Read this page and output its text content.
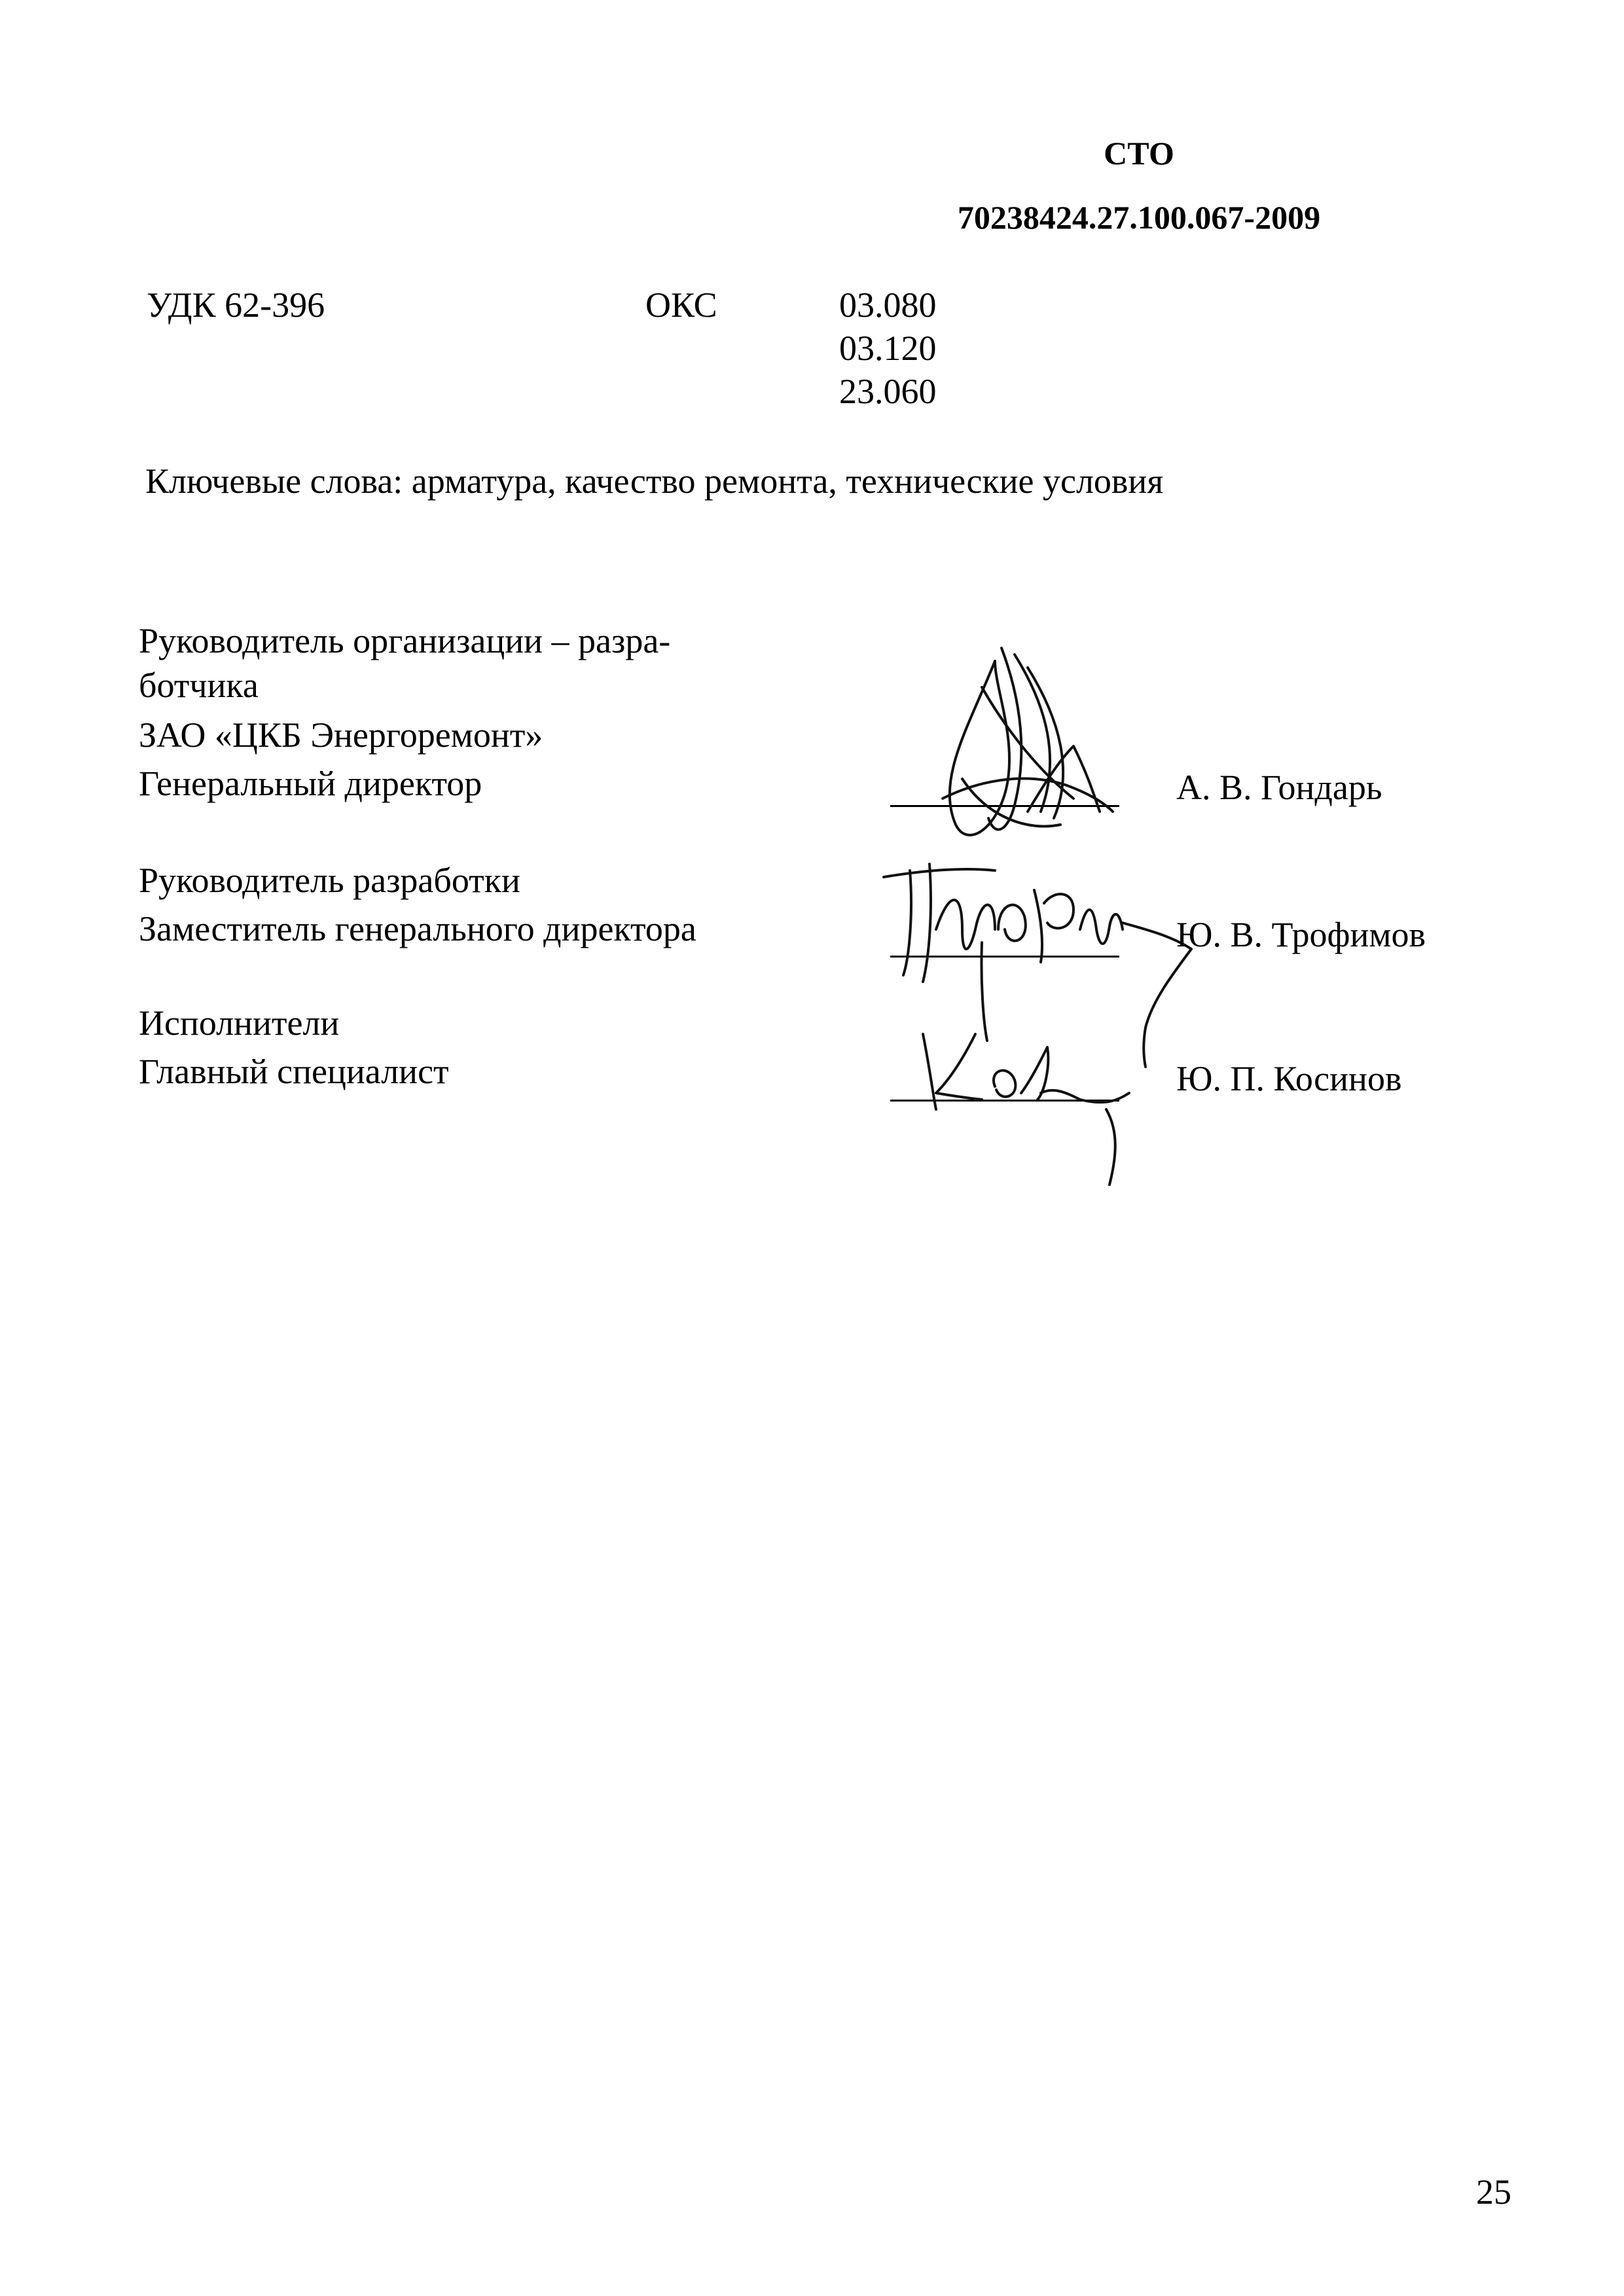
СТО
70238424.27.100.067-2009
УДК 62-396	ОКС	03.080
03.120
23.060
Ключевые слова: арматура, качество ремонта, технические условия
Руководитель организации – разра-
ботчика
ЗАО «ЦКБ Энергоремонт»
Генеральный директор	А. В. Гондарь
Руководитель разработки
Заместитель генерального директора	Ю. В. Трофимов
Исполнители
Главный специалист	Ю. П. Косинов
25
